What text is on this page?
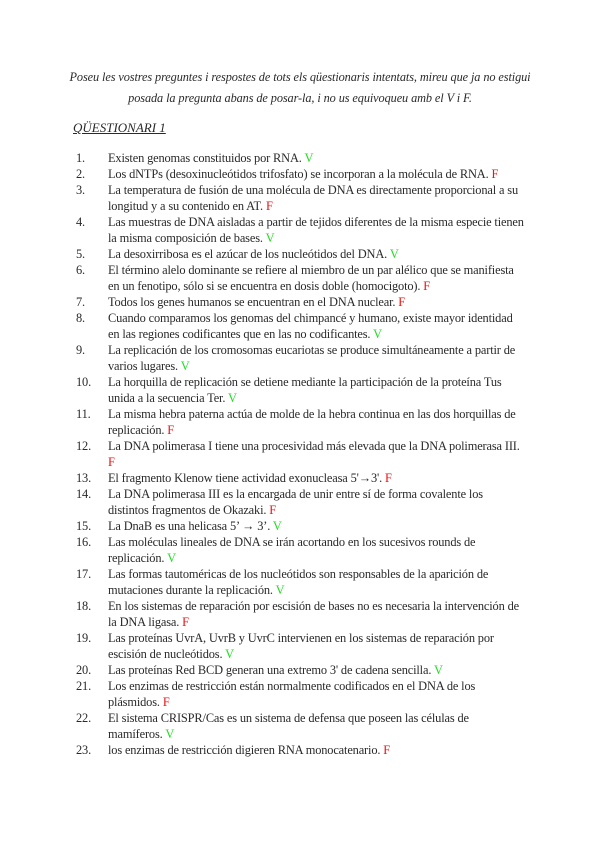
Poseu les vostres preguntes i respostes de tots els qüestionaris intentats, mireu que ja no estigui posada la pregunta abans de posar-la, i no us equivoqueu amb el V i F.
QÜESTIONARI 1
1.	Existen genomas constituidos por RNA. V
2.	Los dNTPs (desoxinucleótidos trifosfato) se incorporan a la molécula de RNA. F
3.	La temperatura de fusión de una molécula de DNA es directamente proporcional a su longitud y a su contenido en AT. F
4.	Las muestras de DNA aisladas a partir de tejidos diferentes de la misma especie tienen la misma composición de bases. V
5.	La desoxirribosa es el azúcar de los nucleótidos del DNA. V
6.	El término alelo dominante se refiere al miembro de un par alélico que se manifiesta en un fenotipo, sólo si se encuentra en dosis doble (homocigoto). F
7.	Todos los genes humanos se encuentran en el DNA nuclear. F
8.	Cuando comparamos los genomas del chimpancé y humano, existe mayor identidad en las regiones codificantes que en las no codificantes. V
9.	La replicación de los cromosomas eucariotas se produce simultáneamente a partir de varios lugares. V
10.	La horquilla de replicación se detiene mediante la participación de la proteína Tus unida a la secuencia Ter. V
11.	La misma hebra paterna actúa de molde de la hebra continua en las dos horquillas de replicación. F
12.	La DNA polimerasa I tiene una procesividad más elevada que la DNA polimerasa III. F
13.	El fragmento Klenow tiene actividad exonucleasa 5'→3'. F
14.	La DNA polimerasa III es la encargada de unir entre sí de forma covalente los distintos fragmentos de Okazaki. F
15.	La DnaB es una helicasa 5’ → 3’. V
16.	Las moléculas lineales de DNA se irán acortando en los sucesivos rounds de replicación. V
17.	Las formas tautoméricas de los nucleótidos son responsables de la aparición de mutaciones durante la replicación. V
18.	En los sistemas de reparación por escisión de bases no es necesaria la intervención de la DNA ligasa. F
19.	Las proteínas UvrA, UvrB y UvrC intervienen en los sistemas de reparación por escisión de nucleótidos. V
20.	Las proteínas Red BCD generan una extremo 3' de cadena sencilla. V
21.	Los enzimas de restricción están normalmente codificados en el DNA de los plásmidos. F
22.	El sistema CRISPR/Cas es un sistema de defensa que poseen las células de mamíferos. V
23.	los enzimas de restricción digieren RNA monocatenario. F
